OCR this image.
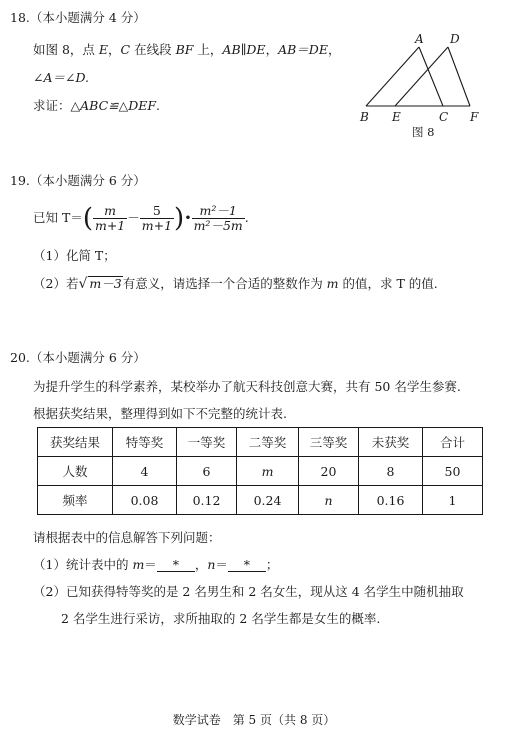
18.（本小题满分 4 分）
如图 8，点 E，C 在线段 BF 上，AB∥DE，AB＝DE，
∠A＝∠D.
求证：△ABC≌△DEF.
A D
B E	C F
图 8
19.（本小题满分 6 分）
已知 $T=( \frac{m}{m+1} - \frac{5}{m+1}$ )• $\frac{\text{m²－1}}{\text{m²－5m}}$ .
（1）化简 T；
（2）若√ m－3有意义，请选择一个合适的整数作为 m 的值，求 T 的值.
20.（本小题满分 6 分）
为提升学生的科学素养，某校举办了航天科技创意大赛，共有 50 名学生参赛.
根据获奖结果，整理得到如下不完整的统计表.
获奖结果	特等奖	一等奖	二等奖	三等奖	未获奖	合计
人数	4	6	m	20	8	50
频率	0.08	0.12	0.24	n	0.16	1
请根据表中的信息解答下列问题：
（1）统计表中的 m＝ * ，n＝ * ；
（2）已知获得特等奖的是 2 名男生和 2 名女生，现从这 4 名学生中随机抽取
2 名学生进行采访，求所抽取的 2 名学生都是女生的概率.
数学试卷　第 5 页（共 8 页）
